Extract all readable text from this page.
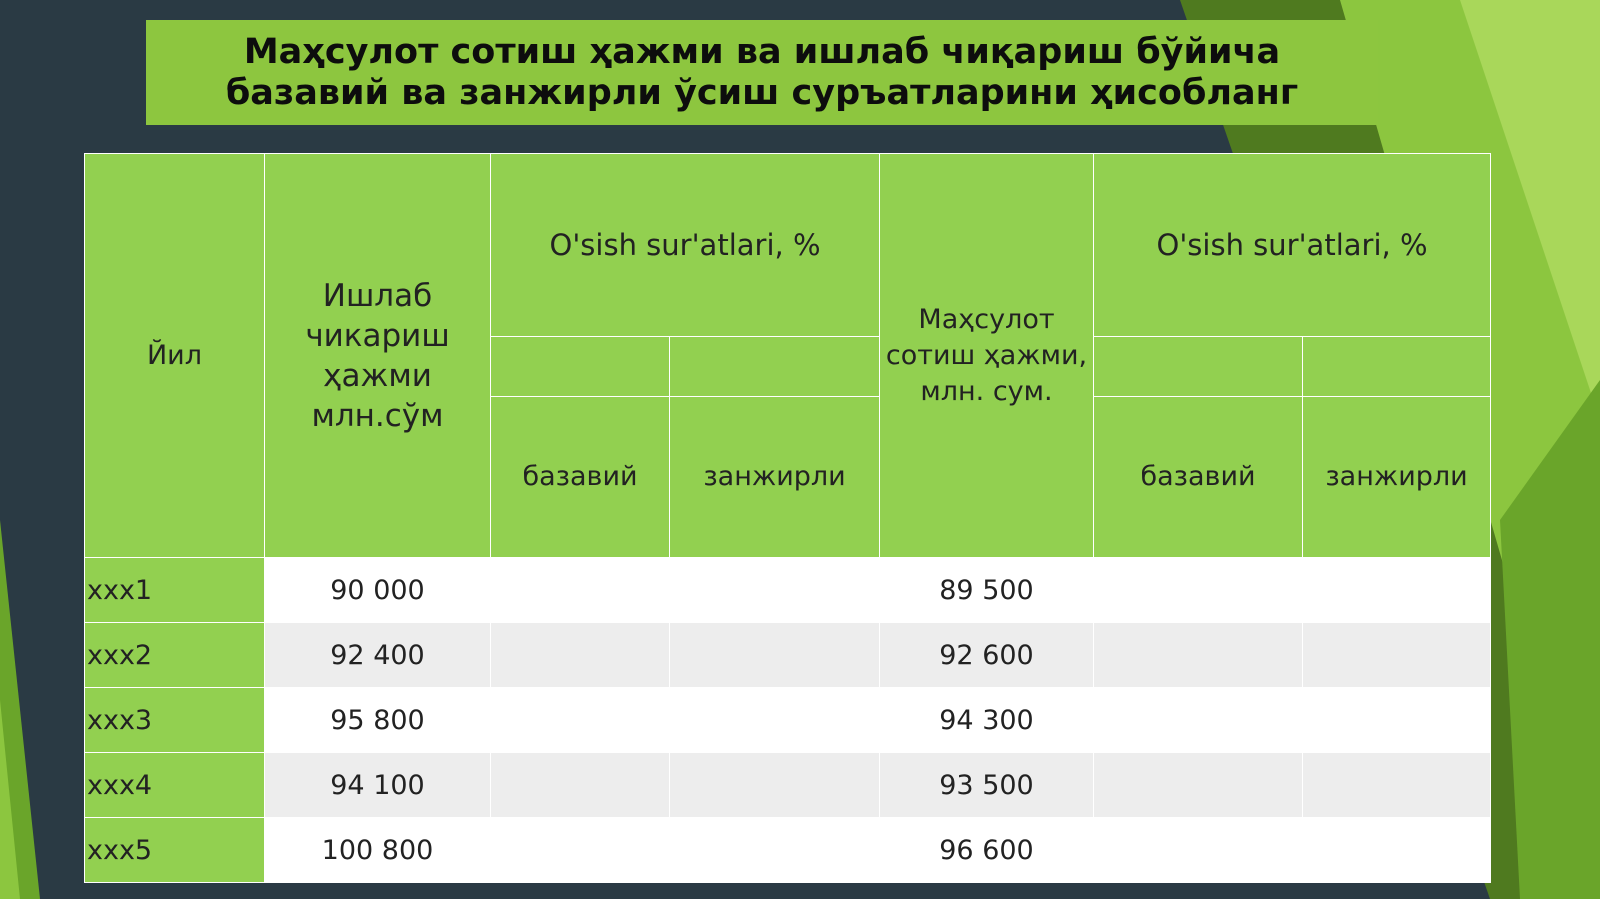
Маҳсулот сотиш ҳажми ва ишлаб чиқариш бўйича
базавий ва занжирли ўсиш суръатларини ҳисобланг
Йил	Ишлаб чикариш ҳажми млн.сўм	O'sish sur'atlari, %		Маҳсулот сотиш ҳажми, млн. сум.	O'sish sur'atlari, %	

		базавий	занжирли		базавий	занжирли
xxx1	90 000			89 500		
xxx2	92 400			92 600		
xxx3	95 800			94 300		
xxx4	94 100			93 500		
xxx5	100 800			96 600		
